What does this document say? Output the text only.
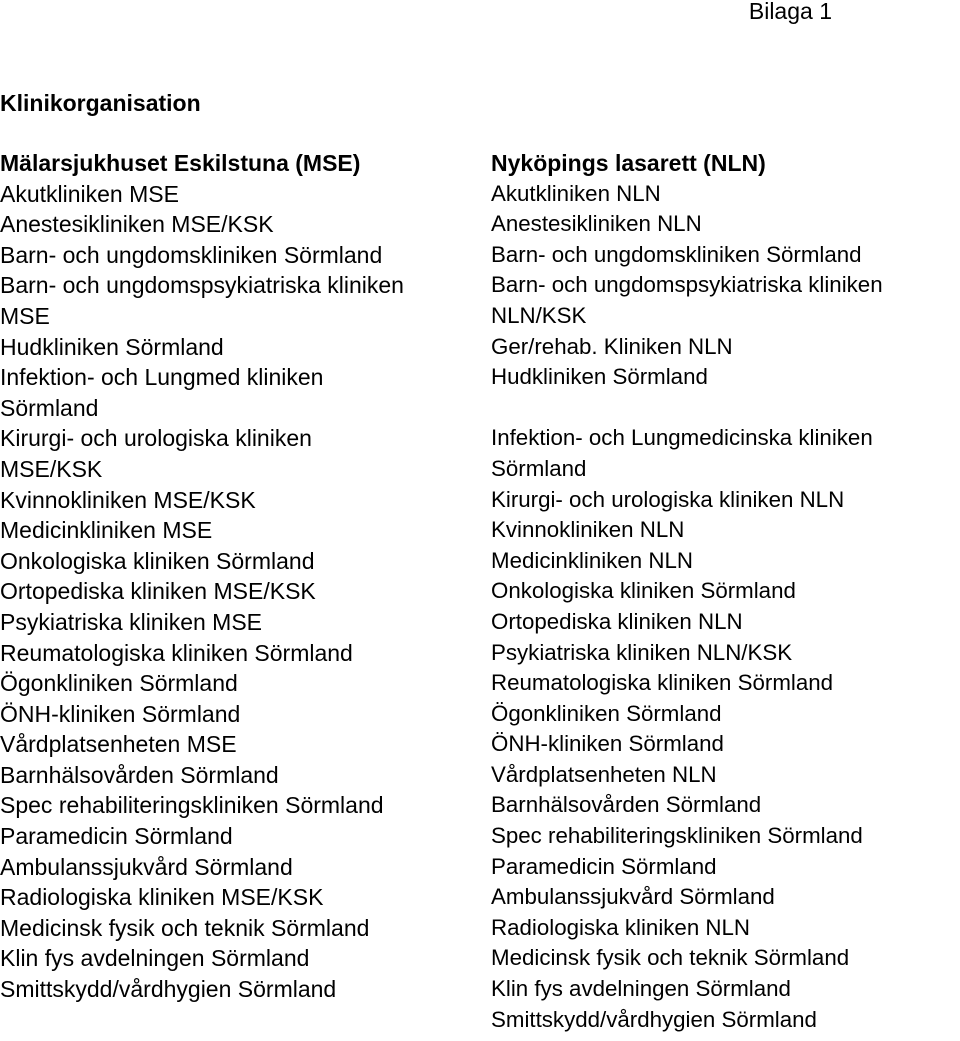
Bilaga 1

Klinikorganisation
Mälarsjukhuset Eskilstuna (MSE)
Akutkliniken MSE
Anestesikliniken MSE/KSK
Barn- och ungdomskliniken Sörmland
Barn- och ungdomspsykiatriska kliniken
MSE
Hudkliniken Sörmland
Infektion- och Lungmed kliniken
Sörmland
Kirurgi- och urologiska kliniken
MSE/KSK
Kvinnokliniken MSE/KSK
Medicinkliniken MSE
Onkologiska kliniken Sörmland
Ortopediska kliniken MSE/KSK
Psykiatriska kliniken MSE
Reumatologiska kliniken Sörmland
Ögonkliniken Sörmland
ÖNH-kliniken Sörmland
Vårdplatsenheten MSE
Barnhälsovården Sörmland
Spec rehabiliteringskliniken Sörmland
Paramedicin Sörmland
Ambulanssjukvård Sörmland
Radiologiska kliniken MSE/KSK
Medicinsk fysik och teknik Sörmland
Klin fys avdelningen Sörmland
Smittskydd/vårdhygien Sörmland
Nyköpings lasarett (NLN)
Akutkliniken NLN
Anestesikliniken NLN
Barn- och ungdomskliniken Sörmland
Barn- och ungdomspsykiatriska kliniken
NLN/KSK
Ger/rehab. Kliniken NLN
Hudkliniken Sörmland
Infektion- och Lungmedicinska kliniken
Sörmland
Kirurgi- och urologiska kliniken NLN
Kvinnokliniken NLN
Medicinkliniken NLN
Onkologiska kliniken Sörmland
Ortopediska kliniken NLN
Psykiatriska kliniken NLN/KSK
Reumatologiska kliniken Sörmland
Ögonkliniken Sörmland
ÖNH-kliniken Sörmland
Vårdplatsenheten NLN
Barnhälsovården Sörmland
Spec rehabiliteringskliniken Sörmland
Paramedicin Sörmland
Ambulanssjukvård Sörmland
Radiologiska kliniken NLN
Medicinsk fysik och teknik Sörmland
Klin fys avdelningen Sörmland
Smittskydd/vårdhygien Sörmland
